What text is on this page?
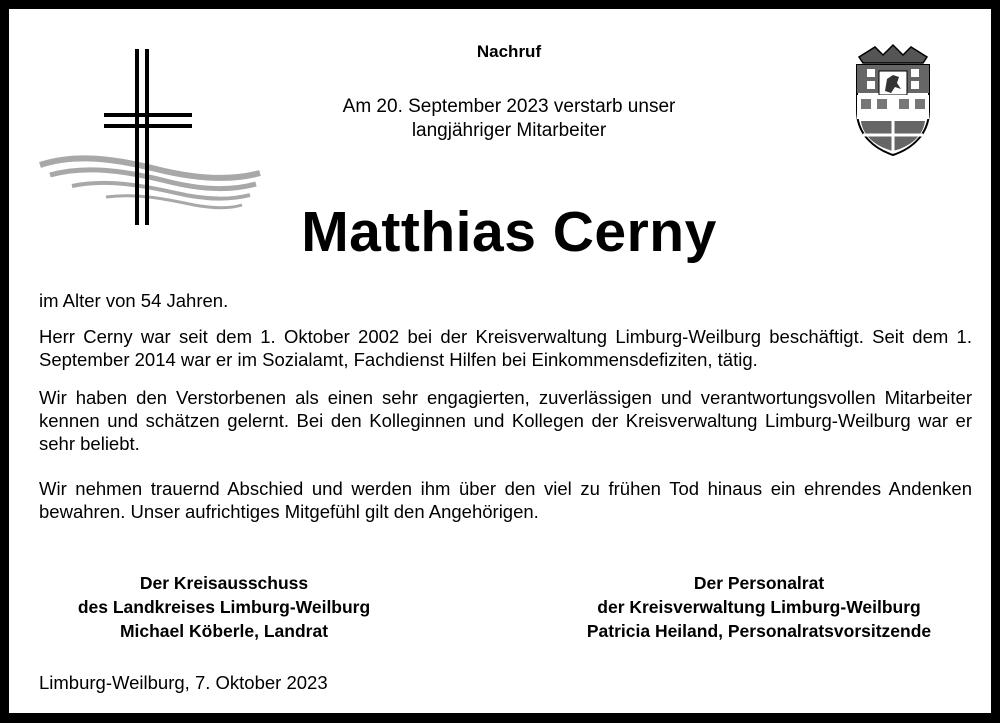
Nachruf
Am 20. September 2023 verstarb unser
langjähriger Mitarbeiter
Matthias Cerny
im Alter von 54 Jahren.
Herr Cerny war seit dem 1. Oktober 2002 bei der Kreisverwaltung Limburg-Weilburg beschäftigt. Seit dem 1. September 2014 war er im Sozialamt, Fachdienst Hilfen bei Einkommensdefiziten, tätig.
Wir haben den Verstorbenen als einen sehr engagierten, zuverlässigen und verantwortungsvollen Mitarbeiter kennen und schätzen gelernt. Bei den Kolleginnen und Kollegen der Kreisverwaltung Limburg-Weilburg war er sehr beliebt.
Wir nehmen trauernd Abschied und werden ihm über den viel zu frühen Tod hinaus ein ehrendes Andenken bewahren. Unser aufrichtiges Mitgefühl gilt den Angehörigen.
Der Kreisausschuss
des Landkreises Limburg-Weilburg
Michael Köberle, Landrat
Der Personalrat
der Kreisverwaltung Limburg-Weilburg
Patricia Heiland, Personalratsvorsitzende
Limburg-Weilburg, 7. Oktober 2023
